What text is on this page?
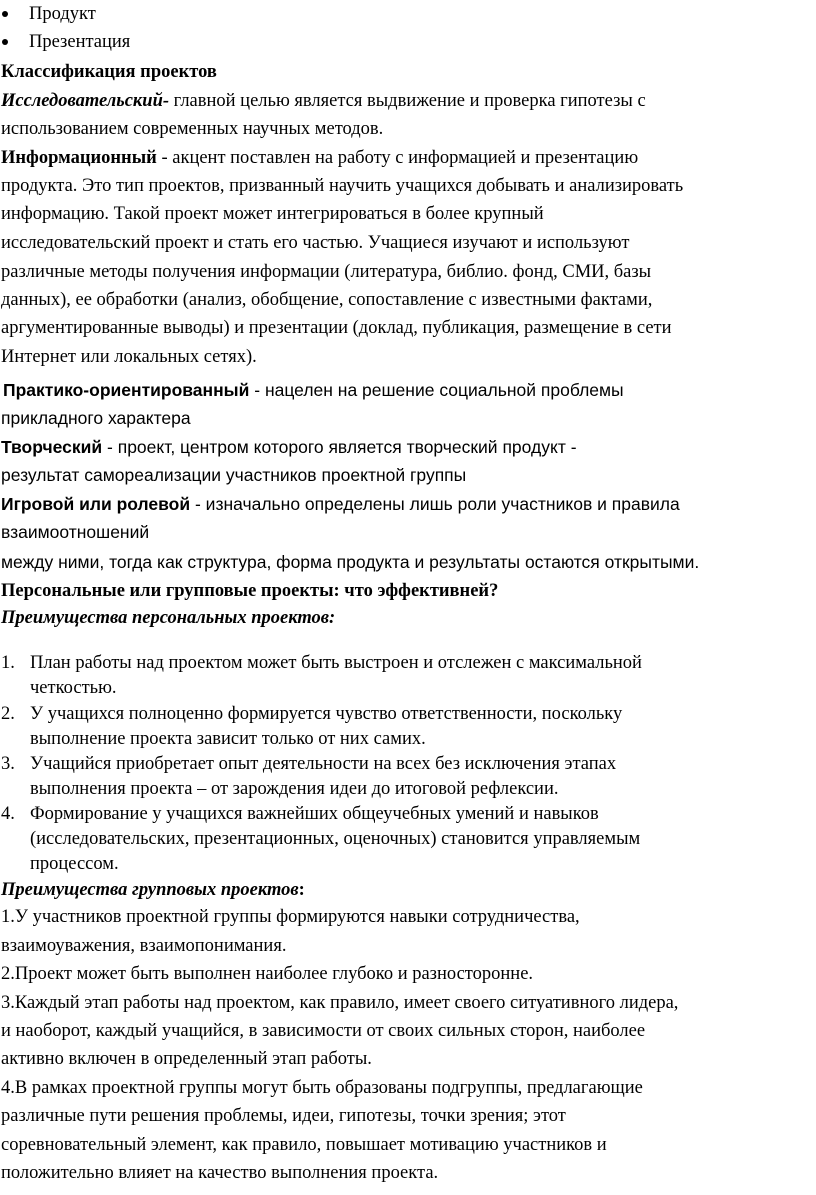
Продукт
Презентация
Классификация проектов
Исследовательский- главной целью является выдвижение и проверка гипотезы с
использованием современных научных методов.
Информационный - акцент поставлен на работу с информацией и презентацию
продукта. Это тип проектов, призванный научить учащихся добывать и анализировать
информацию. Такой проект может интегрироваться в более крупный
исследовательский проект и стать его частью. Учащиеся изучают и используют
различные методы получения информации (литература, библио. фонд, СМИ, базы
данных), ее обработки (анализ, обобщение, сопоставление с известными фактами,
аргументированные выводы) и презентации (доклад, публикация, размещение в сети
Интернет или локальных сетях).
Практико-ориентированный - нацелен на решение социальной проблемы
прикладного характера
Творческий - проект, центром которого является творческий продукт -
результат самореализации участников проектной группы
Игровой или ролевой - изначально определены лишь роли участников и правила
взаимоотношений
между ними, тогда как структура, форма продукта и результаты остаются открытыми.
Персональные или групповые проекты: что эффективней?
Преимущества персональных проектов:
1. План работы над проектом может быть выстроен и отслежен с максимальной
четкостью.
2. У учащихся полноценно формируется чувство ответственности, поскольку
выполнение проекта зависит только от них самих.
3. Учащийся приобретает опыт деятельности на всех без исключения этапах
выполнения проекта – от зарождения идеи до итоговой рефлексии.
4. Формирование у учащихся важнейших общеучебных умений и навыков
(исследовательских, презентационных, оценочных) становится управляемым
процессом.
Преимущества групповых проектов:
1.У участников проектной группы формируются навыки сотрудничества,
взаимоуважения, взаимопонимания.
2.Проект может быть выполнен наиболее глубоко и разносторонне.
3.Каждый этап работы над проектом, как правило, имеет своего ситуативного лидера,
и наоборот, каждый учащийся, в зависимости от своих сильных сторон, наиболее
активно включен в определенный этап работы.
4.В рамках проектной группы могут быть образованы подгруппы, предлагающие
различные пути решения проблемы, идеи, гипотезы, точки зрения; этот
соревновательный элемент, как правило, повышает мотивацию участников и
положительно влияет на качество выполнения проекта.
